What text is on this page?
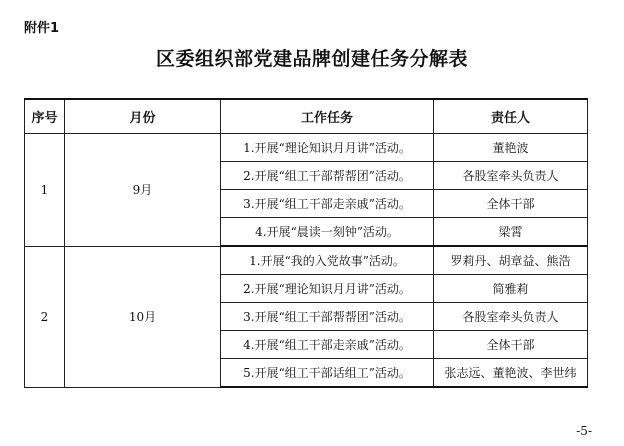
附件1
区委组织部党建品牌创建任务分解表
序号	月份	工作任务	责任人
1	9月	1.开展“理论知识月月讲”活动。	董艳波
		2.开展“组工干部帮帮团”活动。	各股室牵头负责人
		3.开展“组工干部走亲戚”活动。	全体干部
		4.开展“晨读一刻钟”活动。	梁霄
2	10月	1.开展“我的入党故事”活动。	罗莉丹、胡章益、熊浩
		2.开展“理论知识月月讲”活动。	简雅莉
		3.开展“组工干部帮帮团”活动。	各股室牵头负责人
		4.开展“组工干部走亲戚”活动。	全体干部
		5.开展“组工干部话组工”活动。	张志远、董艳波、李世纬
-5-
